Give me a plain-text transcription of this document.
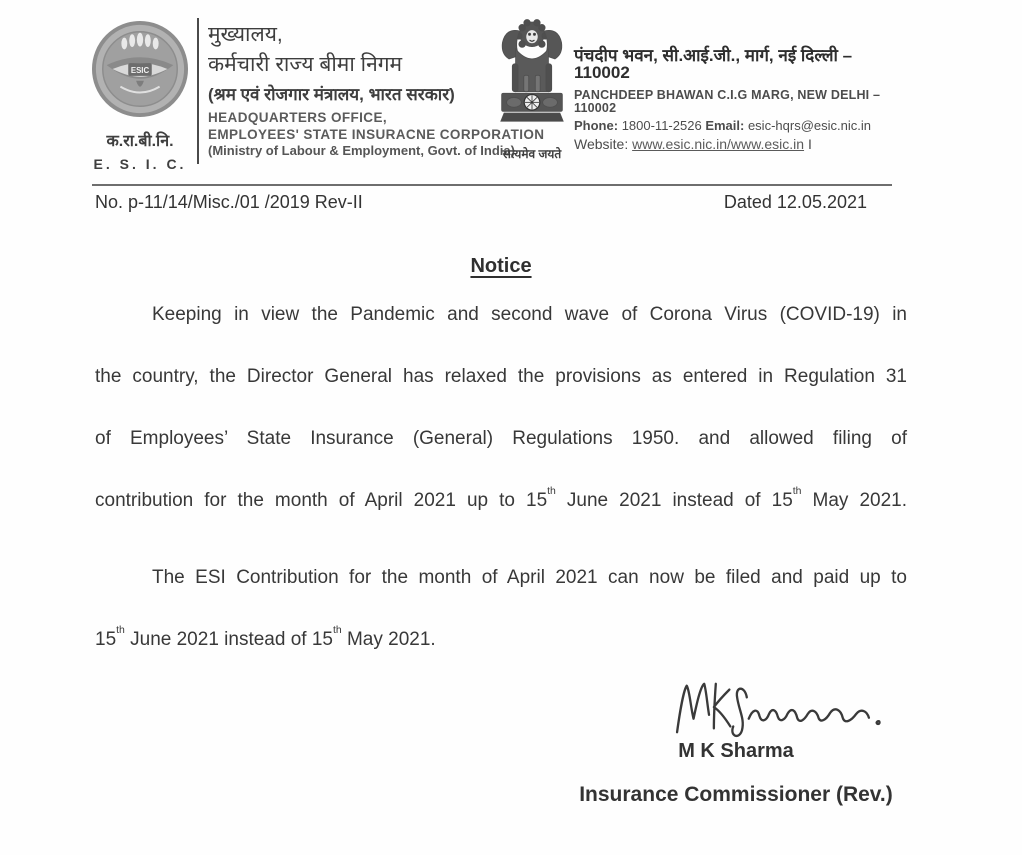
ESIC
क.रा.बी.नि.
E. S. I. C.
मुख्यालय,
कर्मचारी राज्य बीमा निगम
(श्रम एवं रोजगार मंत्रालय, भारत सरकार)
HEADQUARTERS OFFICE,
EMPLOYEES' STATE INSURACNE CORPORATION
(Ministry of Labour & Employment, Govt. of India)
सत्यमेव जयते
पंचदीप भवन, सी.आई.जी., मार्ग, नई दिल्ली – 110002
PANCHDEEP BHAWAN C.I.G MARG, NEW DELHI – 110002
Phone: 1800-11-2526 Email: esic-hqrs@esic.nic.in
Website: www.esic.nic.in/www.esic.in I
No. p-11/14/Misc./01 /2019 Rev-II	Dated 12.05.2021
Notice
Keeping in view the Pandemic and second wave of Corona Virus (COVID-19) in
the country, the Director General has relaxed the provisions as entered in Regulation 31
of Employees’ State Insurance (General) Regulations 1950. and allowed filing of
contribution for the month of April 2021 up to 15th June 2021 instead of 15th May 2021.
The ESI Contribution for the month of April 2021 can now be filed and paid up to
15th June 2021 instead of 15th May 2021.
M K Sharma
Insurance Commissioner (Rev.)
